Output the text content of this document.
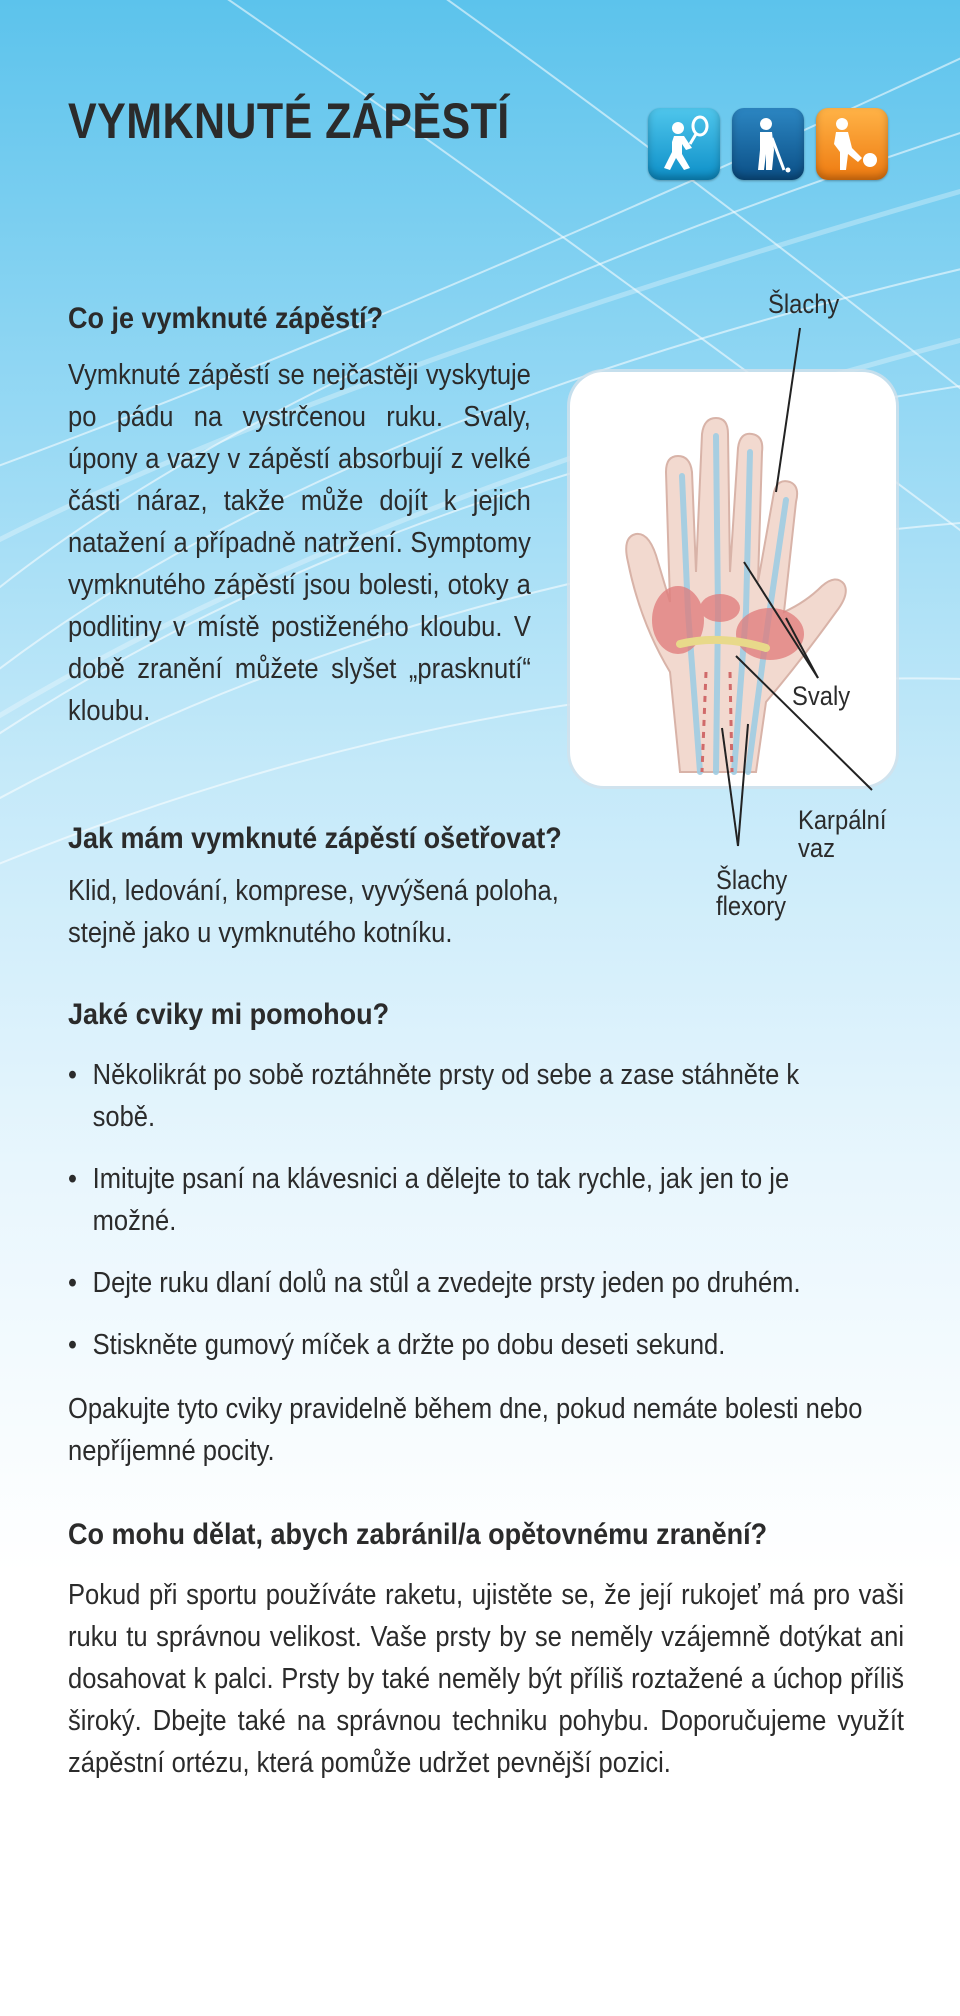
VYMKNUTÉ ZÁPĚSTÍ
Co je vymknuté zápěstí?

Vymknuté zápěstí se nejčastěji vyskytuje po pádu na vystrčenou ruku. Svaly, úpony a vazy v zápěstí absorbují z velké části náraz, takže může dojít k jejich natažení a případně natržení. Symptomy vymknutého zápěstí jsou bolesti, otoky a podlitiny v místě postiženého kloubu. V době zranění můžete slyšet „prasknutí“ kloubu.

Šlachy
Svaly
Karpální
vaz
Šlachy
flexory
Jak mám vymknuté zápěstí ošetřovat?

Klid, ledování, komprese, vyvýšená poloha, stejně jako u vymknutého kotníku.

Jaké cviky mi pomohou?
• Několikrát po sobě roztáhněte prsty od sebe a zase stáhněte k sobě.
• Imitujte psaní na klávesnici a dělejte to tak rychle, jak jen to je možné.
• Dejte ruku dlaní dolů na stůl a zvedejte prsty jeden po druhém.
• Stiskněte gumový míček a držte po dobu deseti sekund.

Opakujte tyto cviky pravidelně během dne, pokud nemáte bolesti nebo nepříjemné pocity.

Co mohu dělat, abych zabránil/a opětovnému zranění?

Pokud při sportu používáte raketu, ujistěte se, že její rukojeť má pro vaši ruku tu správnou velikost. Vaše prsty by se neměly vzájemně dotýkat ani dosahovat k palci. Prsty by také neměly být příliš roztažené a úchop příliš široký. Dbejte také na správnou techniku pohybu. Doporučujeme využít zápěstní ortézu, která pomůže udržet pevnější pozici.
